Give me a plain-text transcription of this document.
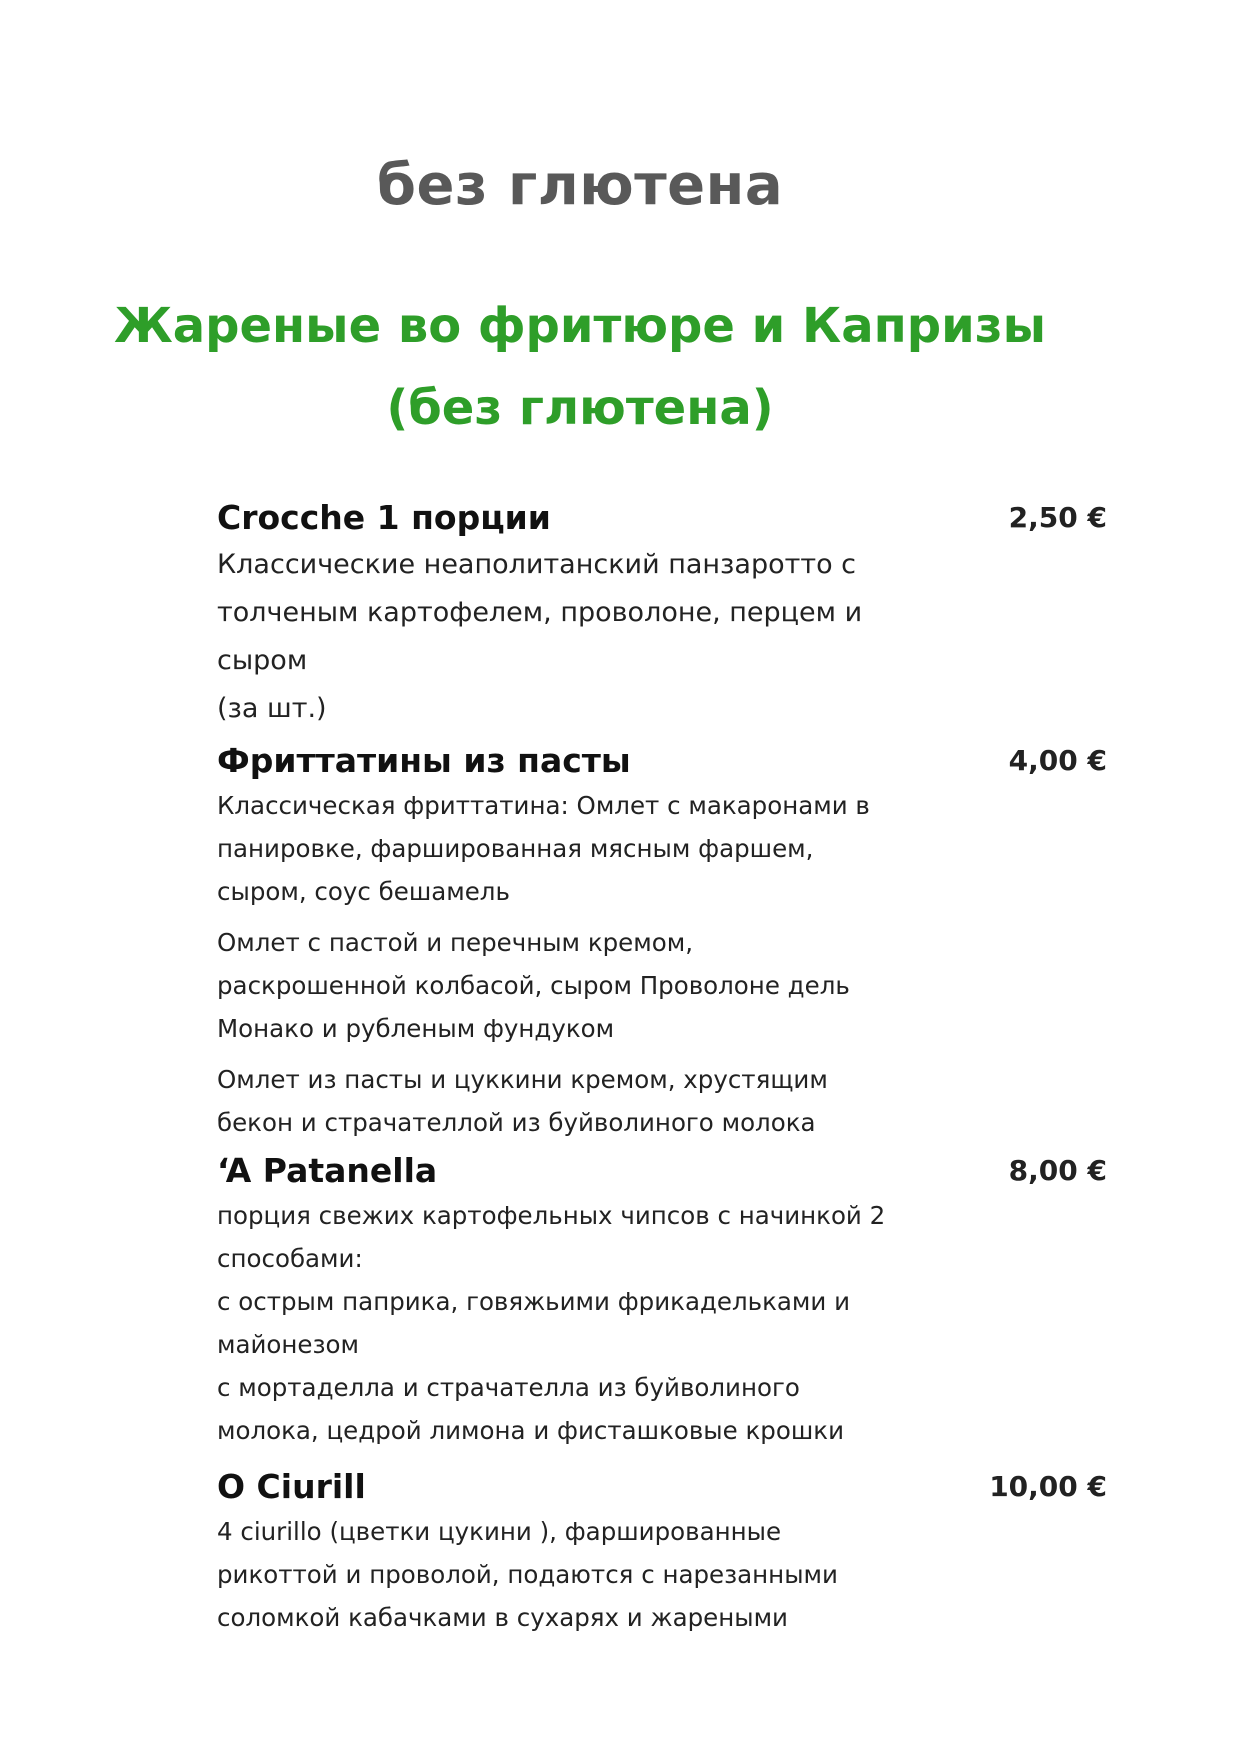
без глютена
Жареные во фритюре и Капризы
(без глютена)
Crocche 1 порции	2,50 €
Классические неаполитанский панзаротто с
толченым картофелем, проволоне, перцем и
сыром
(за шт.)
Фриттатины из пасты	4,00 €
Классическая фриттатина: Омлет с макаронами в
панировке, фаршированная мясным фаршем,
сыром, соус бешамель
Омлет с пастой и перечным кремом,
раскрошенной колбасой, сыром Проволоне дель
Монако и рубленым фундуком
Омлет из пасты и цуккини кремом, хрустящим
бекон и страчателлой из буйволиного молока
‘A Patanella	8,00 €
порция свежих картофельных чипсов с начинкой 2
способами:
с острым паприка, говяжьими фрикадельками и
майонезом
с мортаделла и страчателла из буйволиного
молока, цедрой лимона и фисташковые крошки
O Ciurill	10,00 €
4 ciurillo (цветки цукини ), фаршированные
рикоттой и проволой, подаются с нарезанными
соломкой кабачками в сухарях и жареными
